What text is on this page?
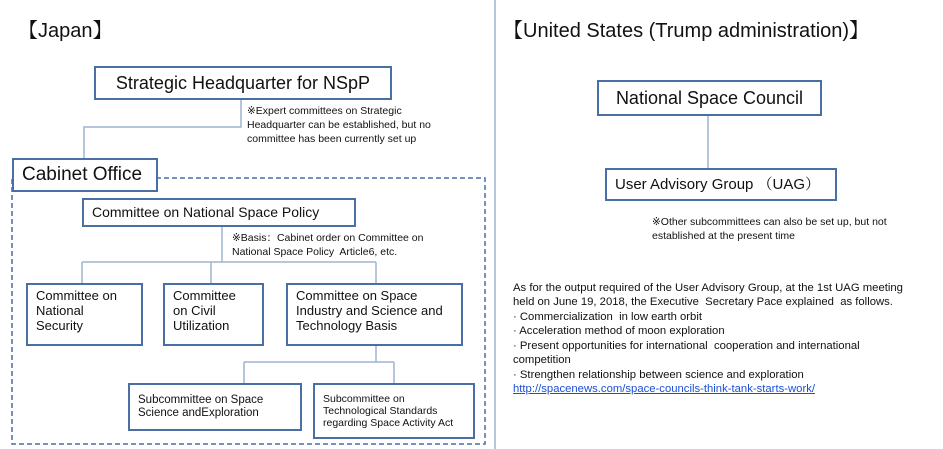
【Japan】
Strategic Headquarter for NSpP
※Expert committees on Strategic
Headquarter can be established, but no
committee has been currently set up
Cabinet Office
Committee on National Space Policy
※Basis：Cabinet order on Committee on
National Space Policy  Article6, etc.
Committee on
National
Security
Committee
on Civil
Utilization
Committee on Space
Industry and Science and
Technology Basis
Subcommittee on Space
Science andExploration
Subcommittee on
Technological Standards
regarding Space Activity Act
【United States (Trump administration)】
National Space Council
User Advisory Group （UAG）
※Other subcommittees can also be set up, but not
established at the present time
As for the output required of the User Advisory Group, at the 1st UAG meeting
held on June 19, 2018, the Executive  Secretary Pace explained  as follows.
· Commercialization  in low earth orbit
· Acceleration method of moon exploration
· Present opportunities for international  cooperation and international
competition
· Strengthen relationship between science and exploration
http://spacenews.com/space-councils-think-tank-starts-work/
